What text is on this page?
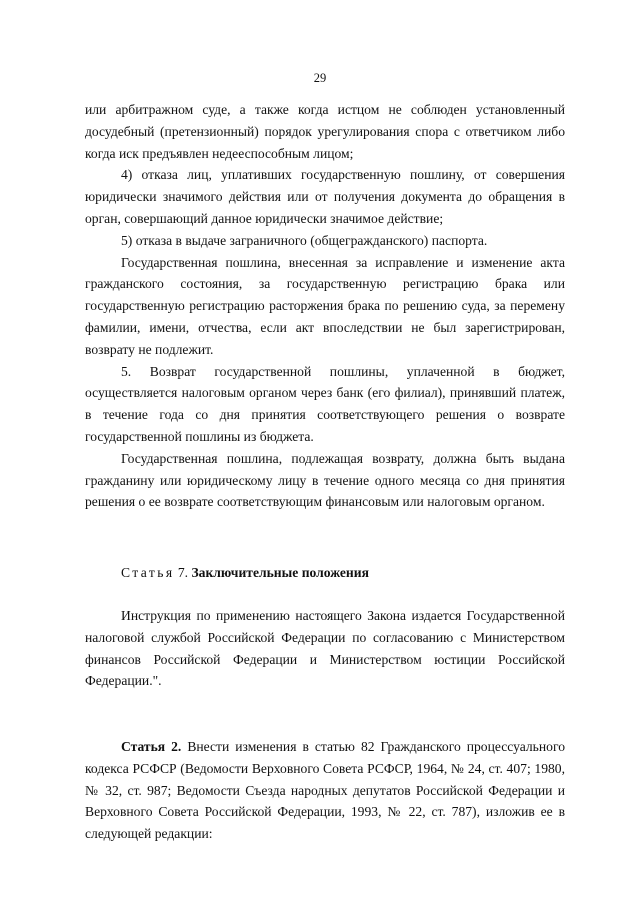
29

или арбитражном суде, а также когда истцом не соблюден установленный досудебный (претензионный) порядок урегулирования спора с ответчиком либо когда иск предъявлен недееспособным лицом;

4) отказа лиц, уплативших государственную пошлину, от совершения юридически значимого действия или от получения документа до обращения в орган, совершающий данное юридически значимое действие;

5) отказа в выдаче заграничного (общегражданского) паспорта.

Государственная пошлина, внесенная за исправление и изменение акта гражданского состояния, за государственную регистрацию брака или государственную регистрацию расторжения брака по решению суда, за перемену фамилии, имени, отчества, если акт впоследствии не был зарегистрирован, возврату не подлежит.

5. Возврат государственной пошлины, уплаченной в бюджет, осуществляется налоговым органом через банк (его филиал), принявший платеж, в течение года со дня принятия соответствующего решения о возврате государственной пошлины из бюджета.

Государственная пошлина, подлежащая возврату, должна быть выдана гражданину или юридическому лицу в течение одного месяца со дня принятия решения о ее возврате соответствующим финансовым или налоговым органом.

Статья 7. Заключительные положения

Инструкция по применению настоящего Закона издается Государственной налоговой службой Российской Федерации по согласованию с Министерством финансов Российской Федерации и Министерством юстиции Российской Федерации.".

Статья 2. Внести изменения в статью 82 Гражданского процессуального кодекса РСФСР (Ведомости Верховного Совета РСФСР, 1964, № 24, ст. 407; 1980, № 32, ст. 987; Ведомости Съезда народных депутатов Российской Федерации и Верховного Совета Российской Федерации, 1993, № 22, ст. 787), изложив ее в следующей редакции:
